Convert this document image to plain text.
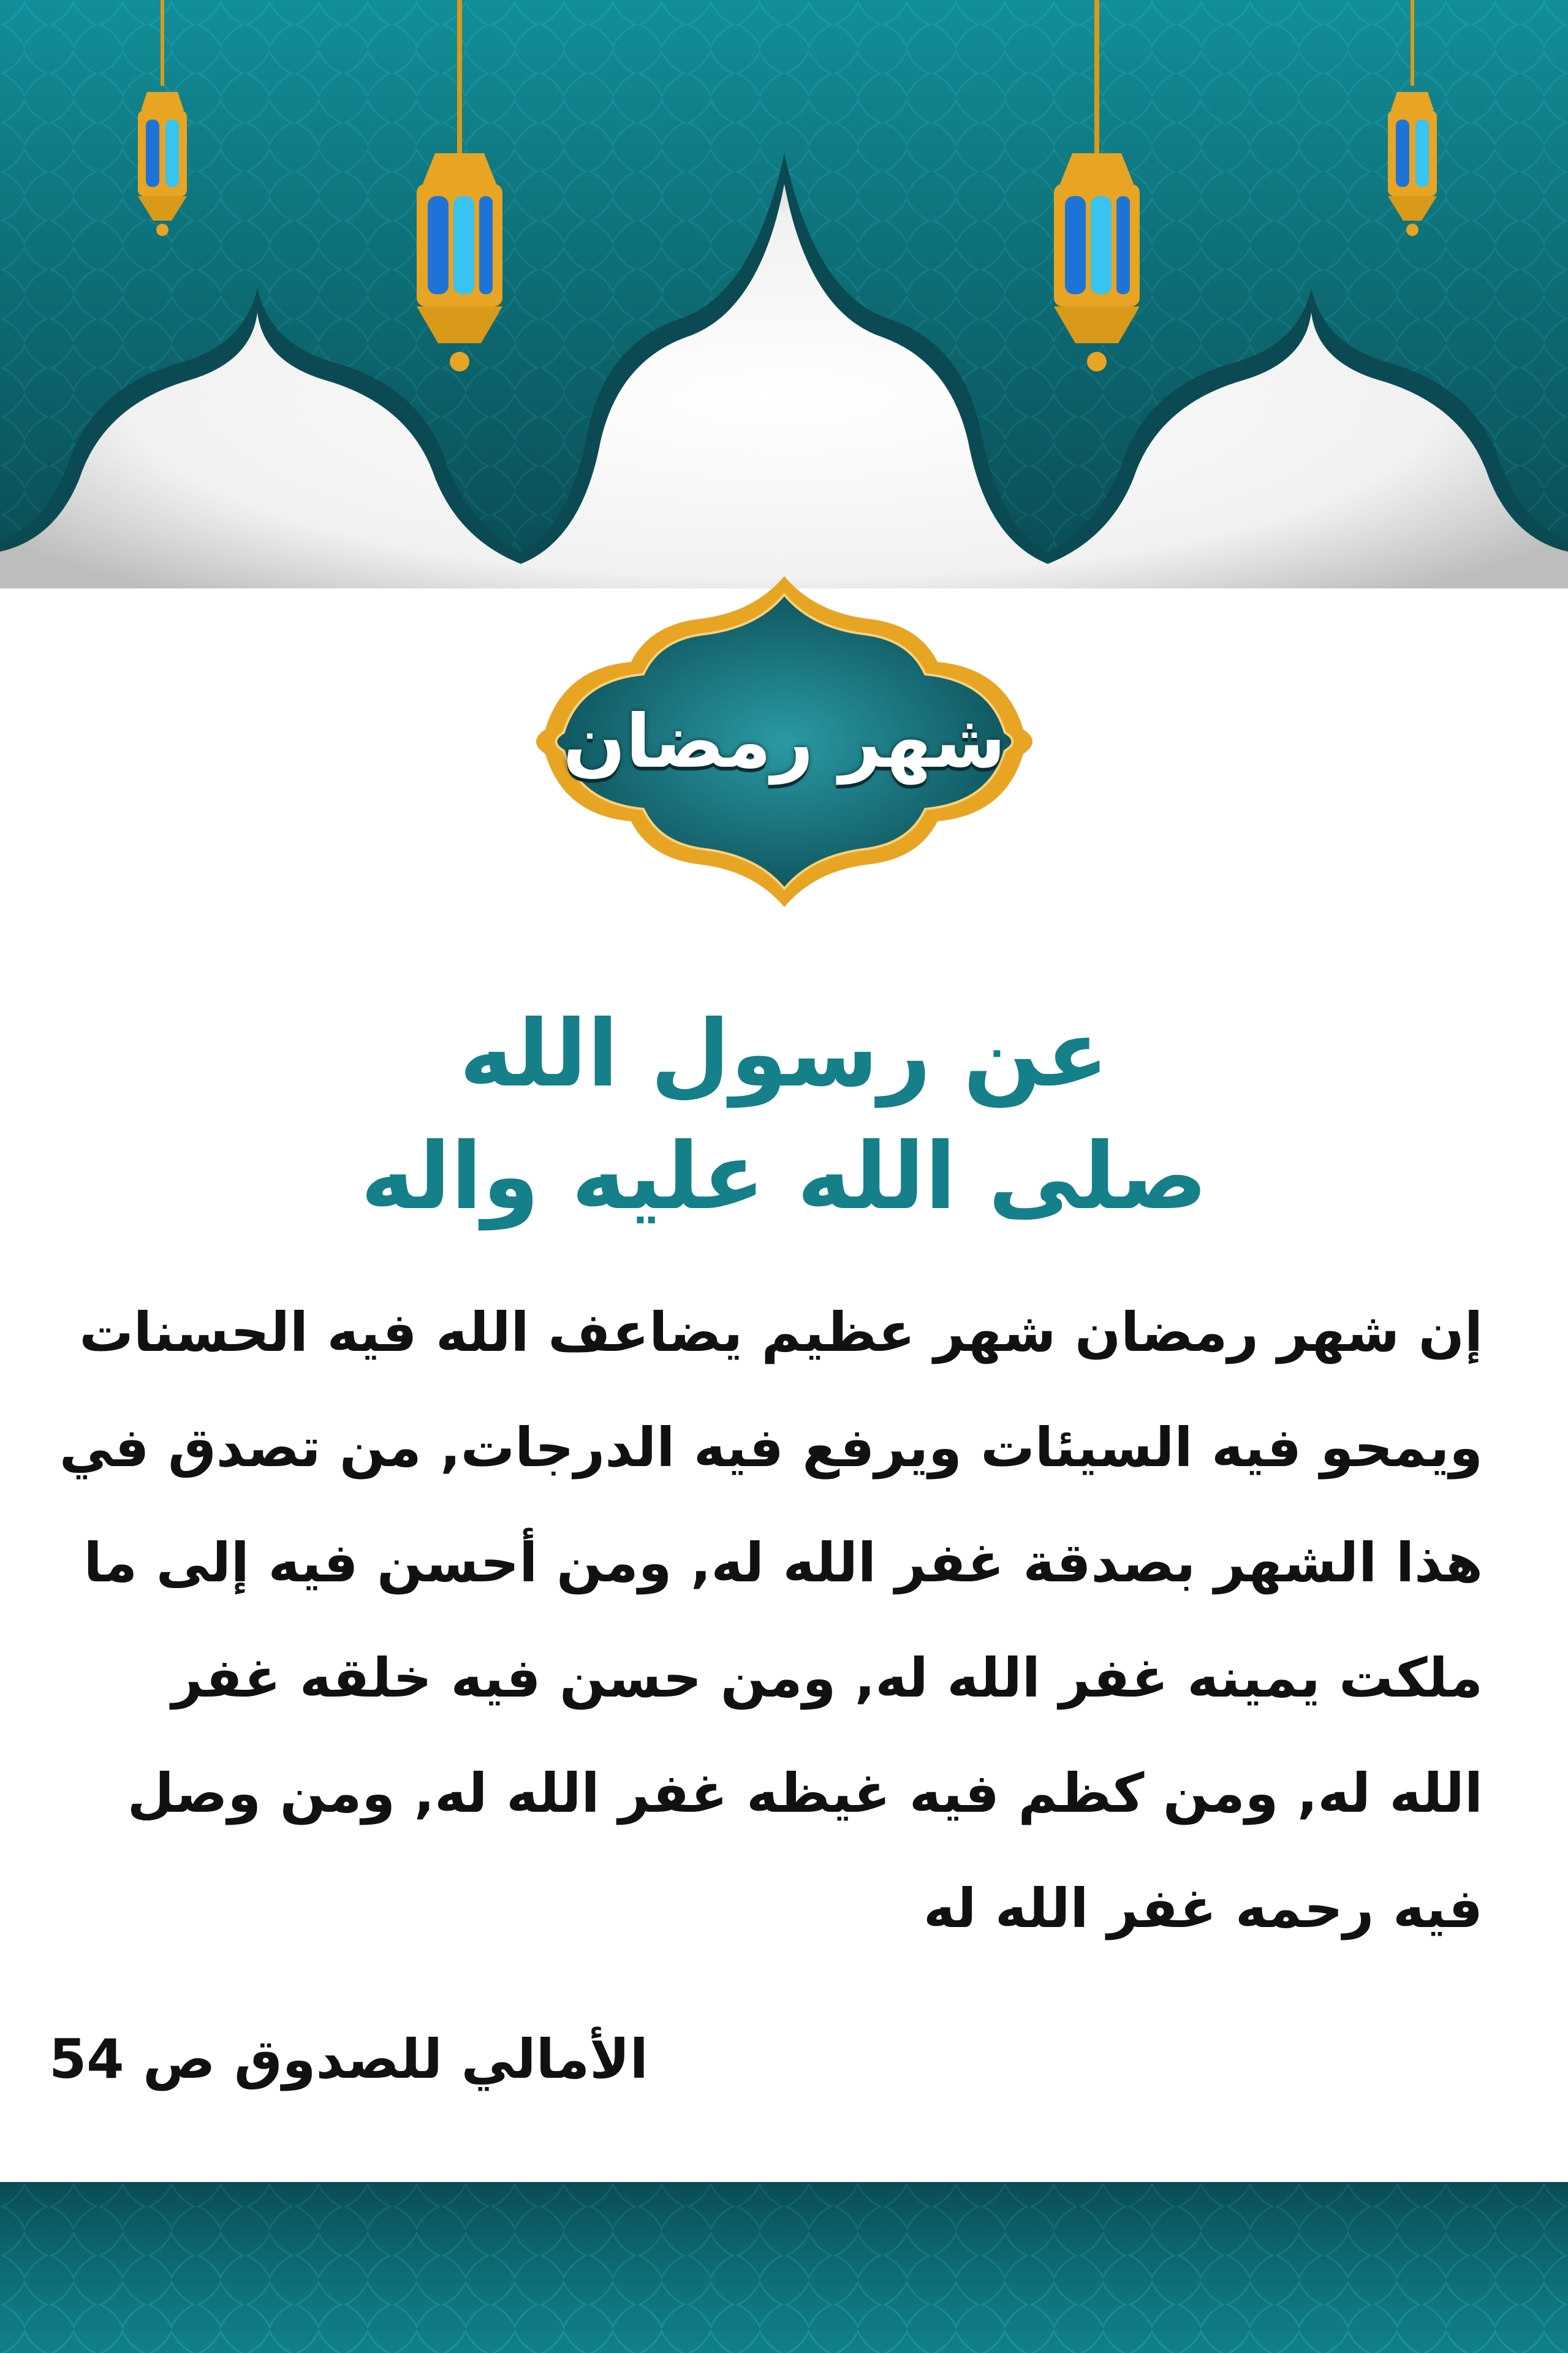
شهر رمضان
عن رسول الله
صلى الله عليه واله
إن شهر رمضان شهر عظيم يضاعف الله فيه الحسنات
ويمحو فيه السيئات ويرفع فيه الدرجات, من تصدق في
هذا الشهر بصدقة غفر الله له, ومن أحسن فيه إلى ما
ملكت يمينه غفر الله له, ومن حسن فيه خلقه غفر
الله له, ومن كظم فيه غيظه غفر الله له, ومن وصل
فيه رحمه غفر الله له
الأمالي للصدوق ص 54
